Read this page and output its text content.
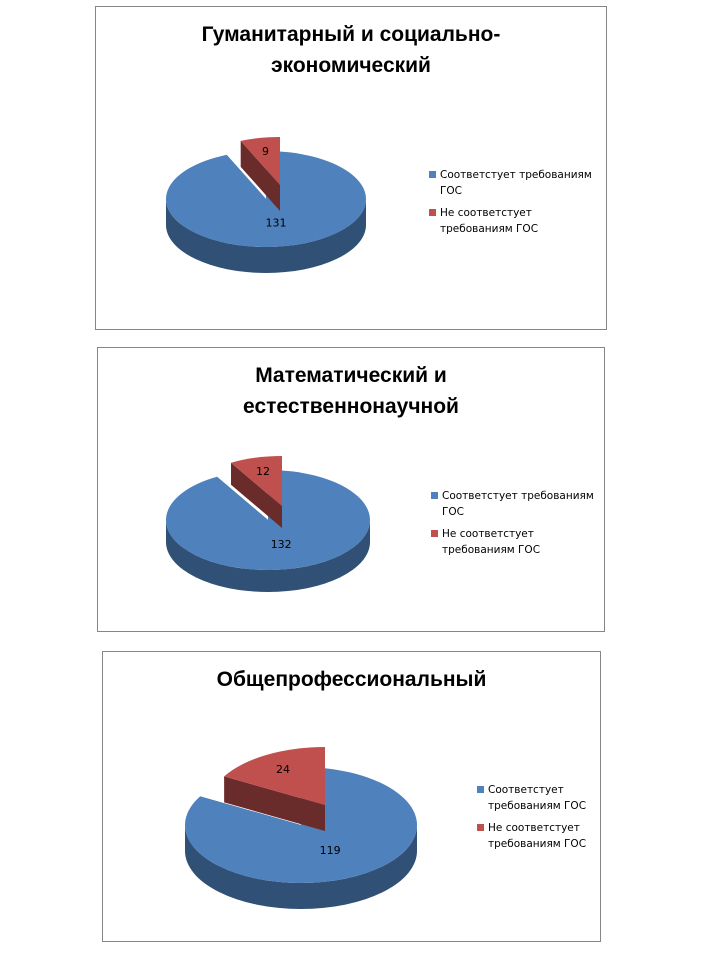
Гуманитарный и социально-
экономический
131
9
Соответстует требованиям
ГОС
Не соответстует
требованиям ГОС
Математический и
естественнонаучной
132
12
Соответстует требованиям
ГОС
Не соответстует
требованиям ГОС
Общепрофессиональный
119
24
Соответстует
требованиям ГОС
Не соответстует
требованиям ГОС
